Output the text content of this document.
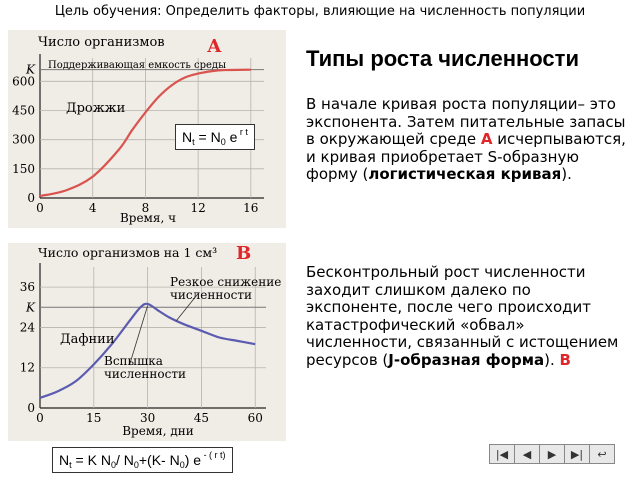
Цель обучения: Определить факторы, влияющие на численность популяции
Число организмов А
Время, ч
0	4	8	12	16
0
150
300
450
600
K Поддерживающая емкость среды
Дрожжи
$N_t = N_0$ e $^{r t}$
Число организмов на 1 см³ В
Время, дни
0	15	30	45	60
0
12
24
36
K
Дафнии
Вспышка численности
Резкое снижение численности
$N_t = K$ $N_0/$ $N_0+(K-$ $N_0$) e $^{- ( r t)}$
Типы роста численности
В начале кривая роста популяции– это экспонента. Затем питательные запасы в окружающей среде А исчерпываются, и кривая приобретает S-образную форму (логистическая кривая).
Бесконтрольный рост численности заходит слишком далеко по экспоненте, после чего происходит катастрофический «обвал» численности, связанный с истощением ресурсов (J-образная форма). В
|◀	◀	▶	▶|	↩
